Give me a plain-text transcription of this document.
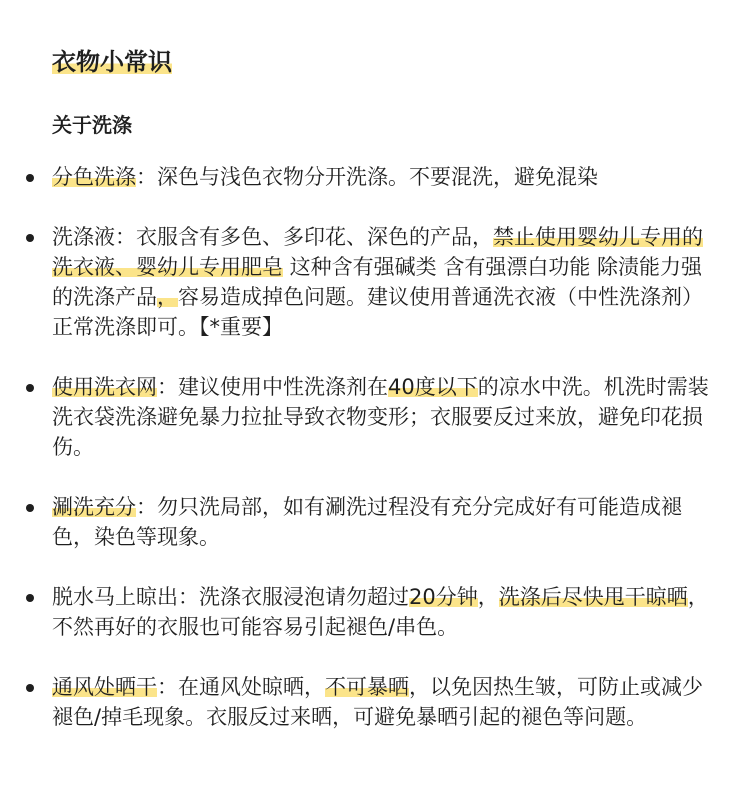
衣物小常识
关于洗涤
分色洗涤：深色与浅色衣物分开洗涤。不要混洗，避免混染
洗涤液：衣服含有多色、多印花、深色的产品，禁止使用婴幼儿专用的洗衣液、婴幼儿专用肥皂 这种含有强碱类 含有强漂白功能 除渍能力强 的洗涤产品，容易造成掉色问题。建议使用普通洗衣液（中性洗涤剂）正常洗涤即可。【*重要】
使用洗衣网：建议使用中性洗涤剂在40度以下的凉水中洗。机洗时需装洗衣袋洗涤避免暴力拉扯导致衣物变形；衣服要反过来放，避免印花损伤。
涮洗充分：勿只洗局部，如有涮洗过程没有充分完成好有可能造成褪色，染色等现象。
脱水马上晾出：洗涤衣服浸泡请勿超过20分钟，洗涤后尽快甩干晾晒，不然再好的衣服也可能容易引起褪色/串色。
通风处晒干：在通风处晾晒，不可暴晒，以免因热生皱，可防止或减少褪色/掉毛现象。衣服反过来晒，可避免暴晒引起的褪色等问题。
